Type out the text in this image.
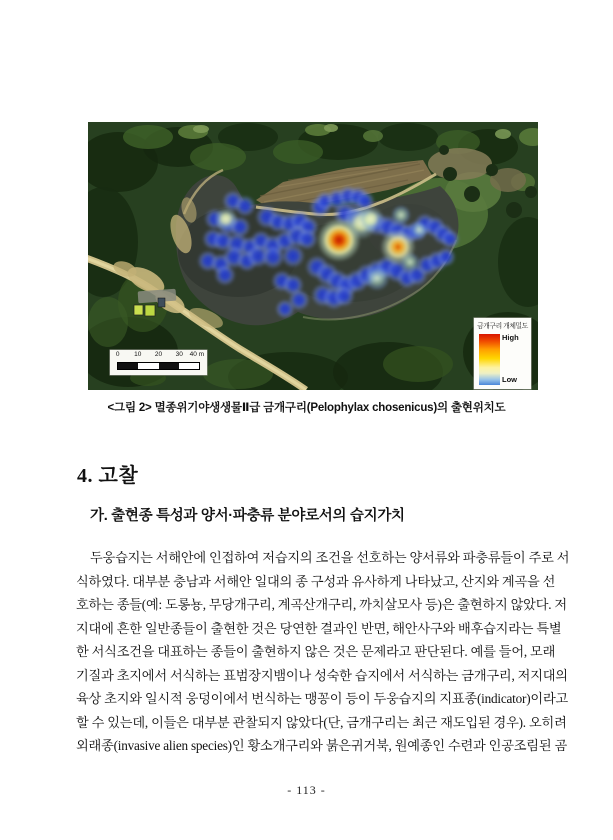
0 10 20 30 40 m
금개구리 개체밀도
High
Low
<그림 2> 멸종위기야생생물Ⅱ급 금개구리(Pelophylax chosenicus)의 출현위치도
4. 고찰
가. 출현종 특성과 양서·파충류 분야로서의 습지가치
두웅습지는 서해안에 인접하여 저습지의 조건을 선호하는 양서류와 파충류들이 주로 서
식하였다. 대부분 충남과 서해안 일대의 종 구성과 유사하게 나타났고, 산지와 계곡을 선
호하는 종들(예: 도롱뇽, 무당개구리, 계곡산개구리, 까치살모사 등)은 출현하지 않았다. 저
지대에 흔한 일반종들이 출현한 것은 당연한 결과인 반면, 해안사구와 배후습지라는 특별
한 서식조건을 대표하는 종들이 출현하지 않은 것은 문제라고 판단된다. 예를 들어, 모래
기질과 초지에서 서식하는 표범장지뱀이나 성숙한 습지에서 서식하는 금개구리, 저지대의
육상 초지와 일시적 웅덩이에서 번식하는 맹꽁이 등이 두웅습지의 지표종(indicator)이라고
할 수 있는데, 이들은 대부분 관찰되지 않았다(단, 금개구리는 최근 재도입된 경우). 오히려
외래종(invasive alien species)인 황소개구리와 붉은귀거북, 원예종인 수련과 인공조림된 곰
- 113 -
